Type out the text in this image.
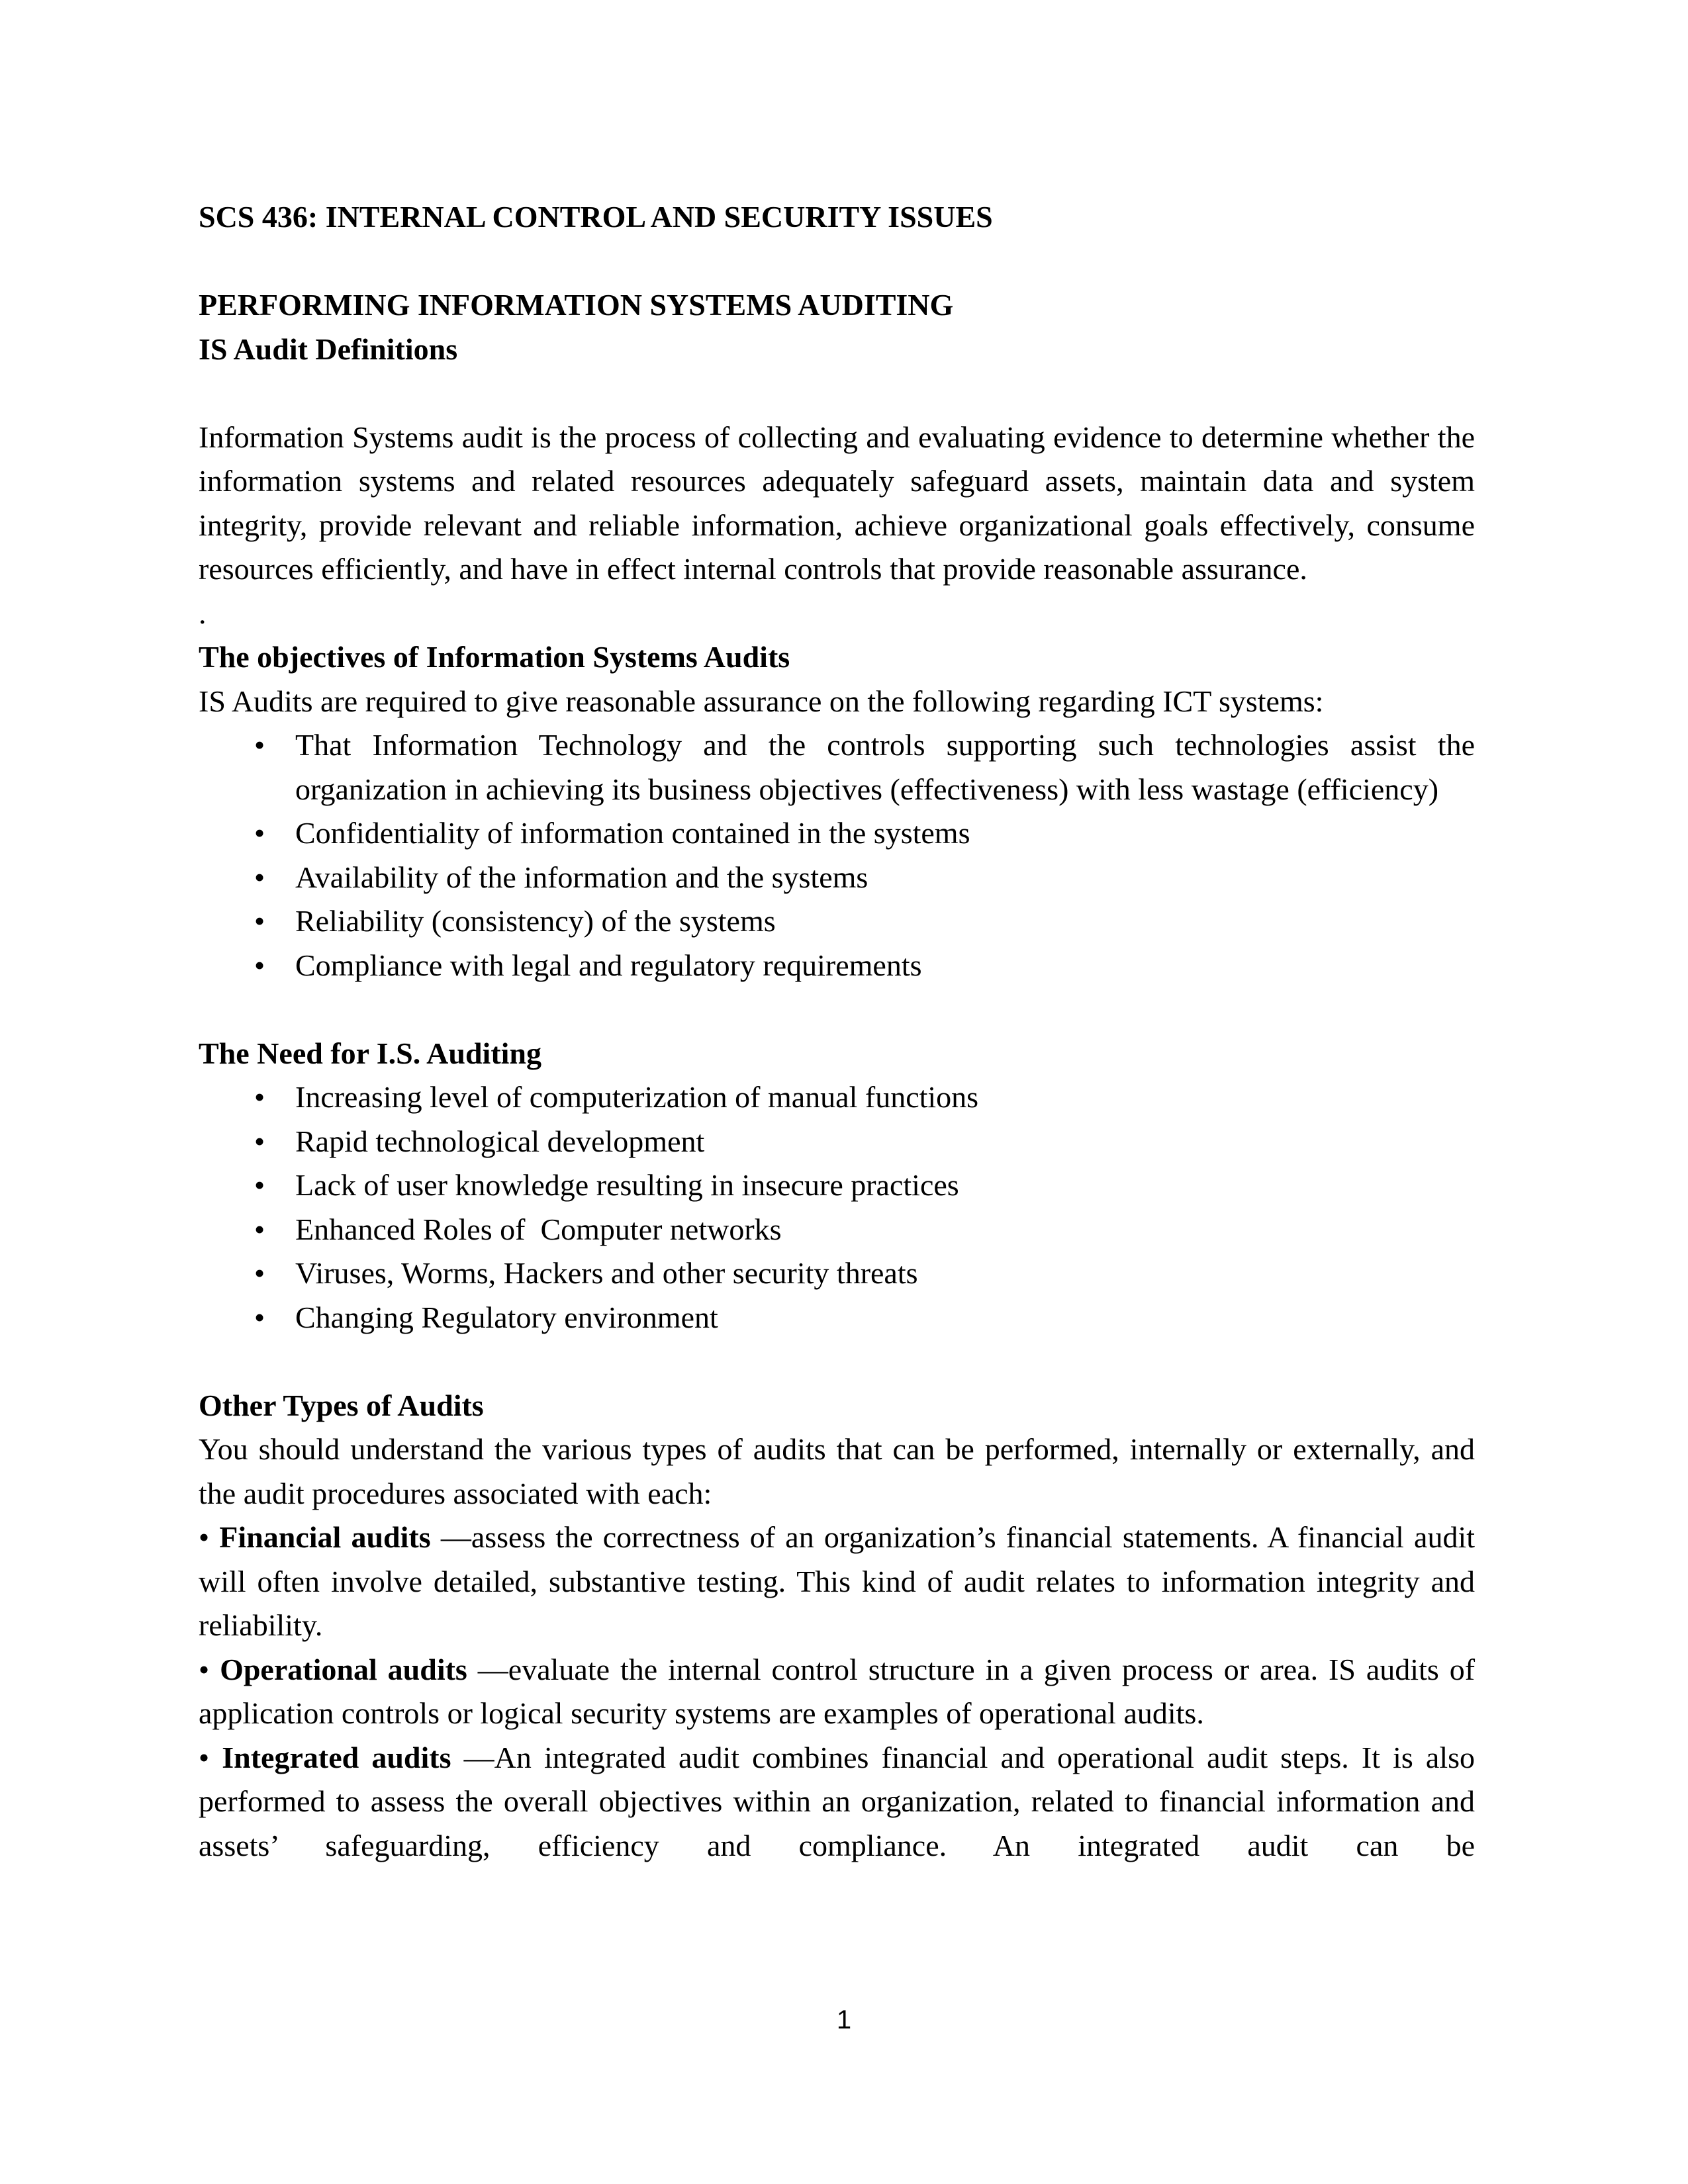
SCS 436: INTERNAL CONTROL AND SECURITY ISSUES

PERFORMING INFORMATION SYSTEMS AUDITING

IS Audit Definitions

Information Systems audit is the process of collecting and evaluating evidence to determine whether the information systems and related resources adequately safeguard assets, maintain data and system integrity, provide relevant and reliable information, achieve organizational goals effectively, consume resources efficiently, and have in effect internal controls that provide reasonable assurance.

.

The objectives of Information Systems Audits

IS Audits are required to give reasonable assurance on the following regarding ICT systems:

• That Information Technology and the controls supporting such technologies assist the organization in achieving its business objectives (effectiveness) with less wastage (efficiency)
• Confidentiality of information contained in the systems
• Availability of the information and the systems
• Reliability (consistency) of the systems
• Compliance with legal and regulatory requirements

The Need for I.S. Auditing

• Increasing level of computerization of manual functions
• Rapid technological development
• Lack of user knowledge resulting in insecure practices
• Enhanced Roles of  Computer networks
• Viruses, Worms, Hackers and other security threats
• Changing Regulatory environment

Other Types of Audits

You should understand the various types of audits that can be performed, internally or externally, and the audit procedures associated with each:

• Financial audits —assess the correctness of an organization’s financial statements. A financial audit will often involve detailed, substantive testing. This kind of audit relates to information integrity and reliability.

• Operational audits —evaluate the internal control structure in a given process or area. IS audits of application controls or logical security systems are examples of operational audits.

• Integrated audits —An integrated audit combines financial and operational audit steps. It is also performed to assess the overall objectives within an organization, related to financial information and assets’ safeguarding, efficiency and compliance. An integrated audit can be

1
